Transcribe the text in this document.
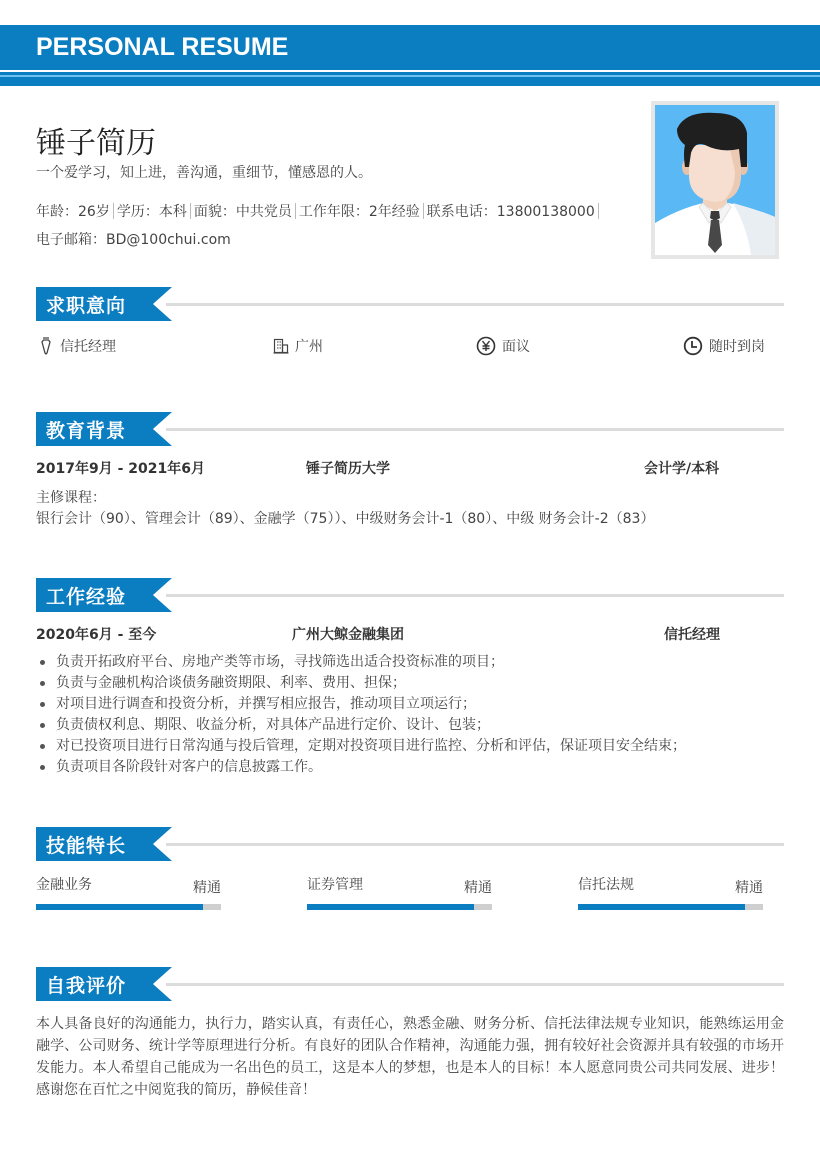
PERSONAL RESUME
锤子简历
一个爱学习，知上进，善沟通，重细节，懂感恩的人。
年龄：26岁 学历：本科 面貌：中共党员 工作年限：2年经验 联系电话：13800138000
电子邮箱：BD@100chui.com
求职意向
信托经理	广州	面议	随时到岗
教育背景
2017年9月 - 2021年6月	锤子简历大学	会计学/本科
主修课程：
银行会计（90）、管理会计（89）、金融学（75））、中级财务会计-1（80）、中级 财务会计-2（83）
工作经验
2020年6月 - 至今	广州大鲸金融集团	信托经理
负责开拓政府平台、房地产类等市场，寻找筛选出适合投资标准的项目；
负责与金融机构洽谈债务融资期限、利率、费用、担保；
对项目进行调查和投资分析，并撰写相应报告，推动项目立项运行；
负责债权利息、期限、收益分析，对具体产品进行定价、设计、包装；
对已投资项目进行日常沟通与投后管理，定期对投资项目进行监控、分析和评估，保证项目安全结束；
负责项目各阶段针对客户的信息披露工作。
技能特长
金融业务	精通	证券管理	精通	信托法规	精通
自我评价
本人具备良好的沟通能力，执行力，踏实认真，有责任心，熟悉金融、财务分析、信托法律法规专业知识，能熟练运用金融学、公司财务、统计学等原理进行分析。有良好的团队合作精神，沟通能力强，拥有较好社会资源并具有较强的市场开发能力。本人希望自己能成为一名出色的员工，这是本人的梦想，也是本人的目标！本人愿意同贵公司共同发展、进步！感谢您在百忙之中阅览我的简历，静候佳音！
